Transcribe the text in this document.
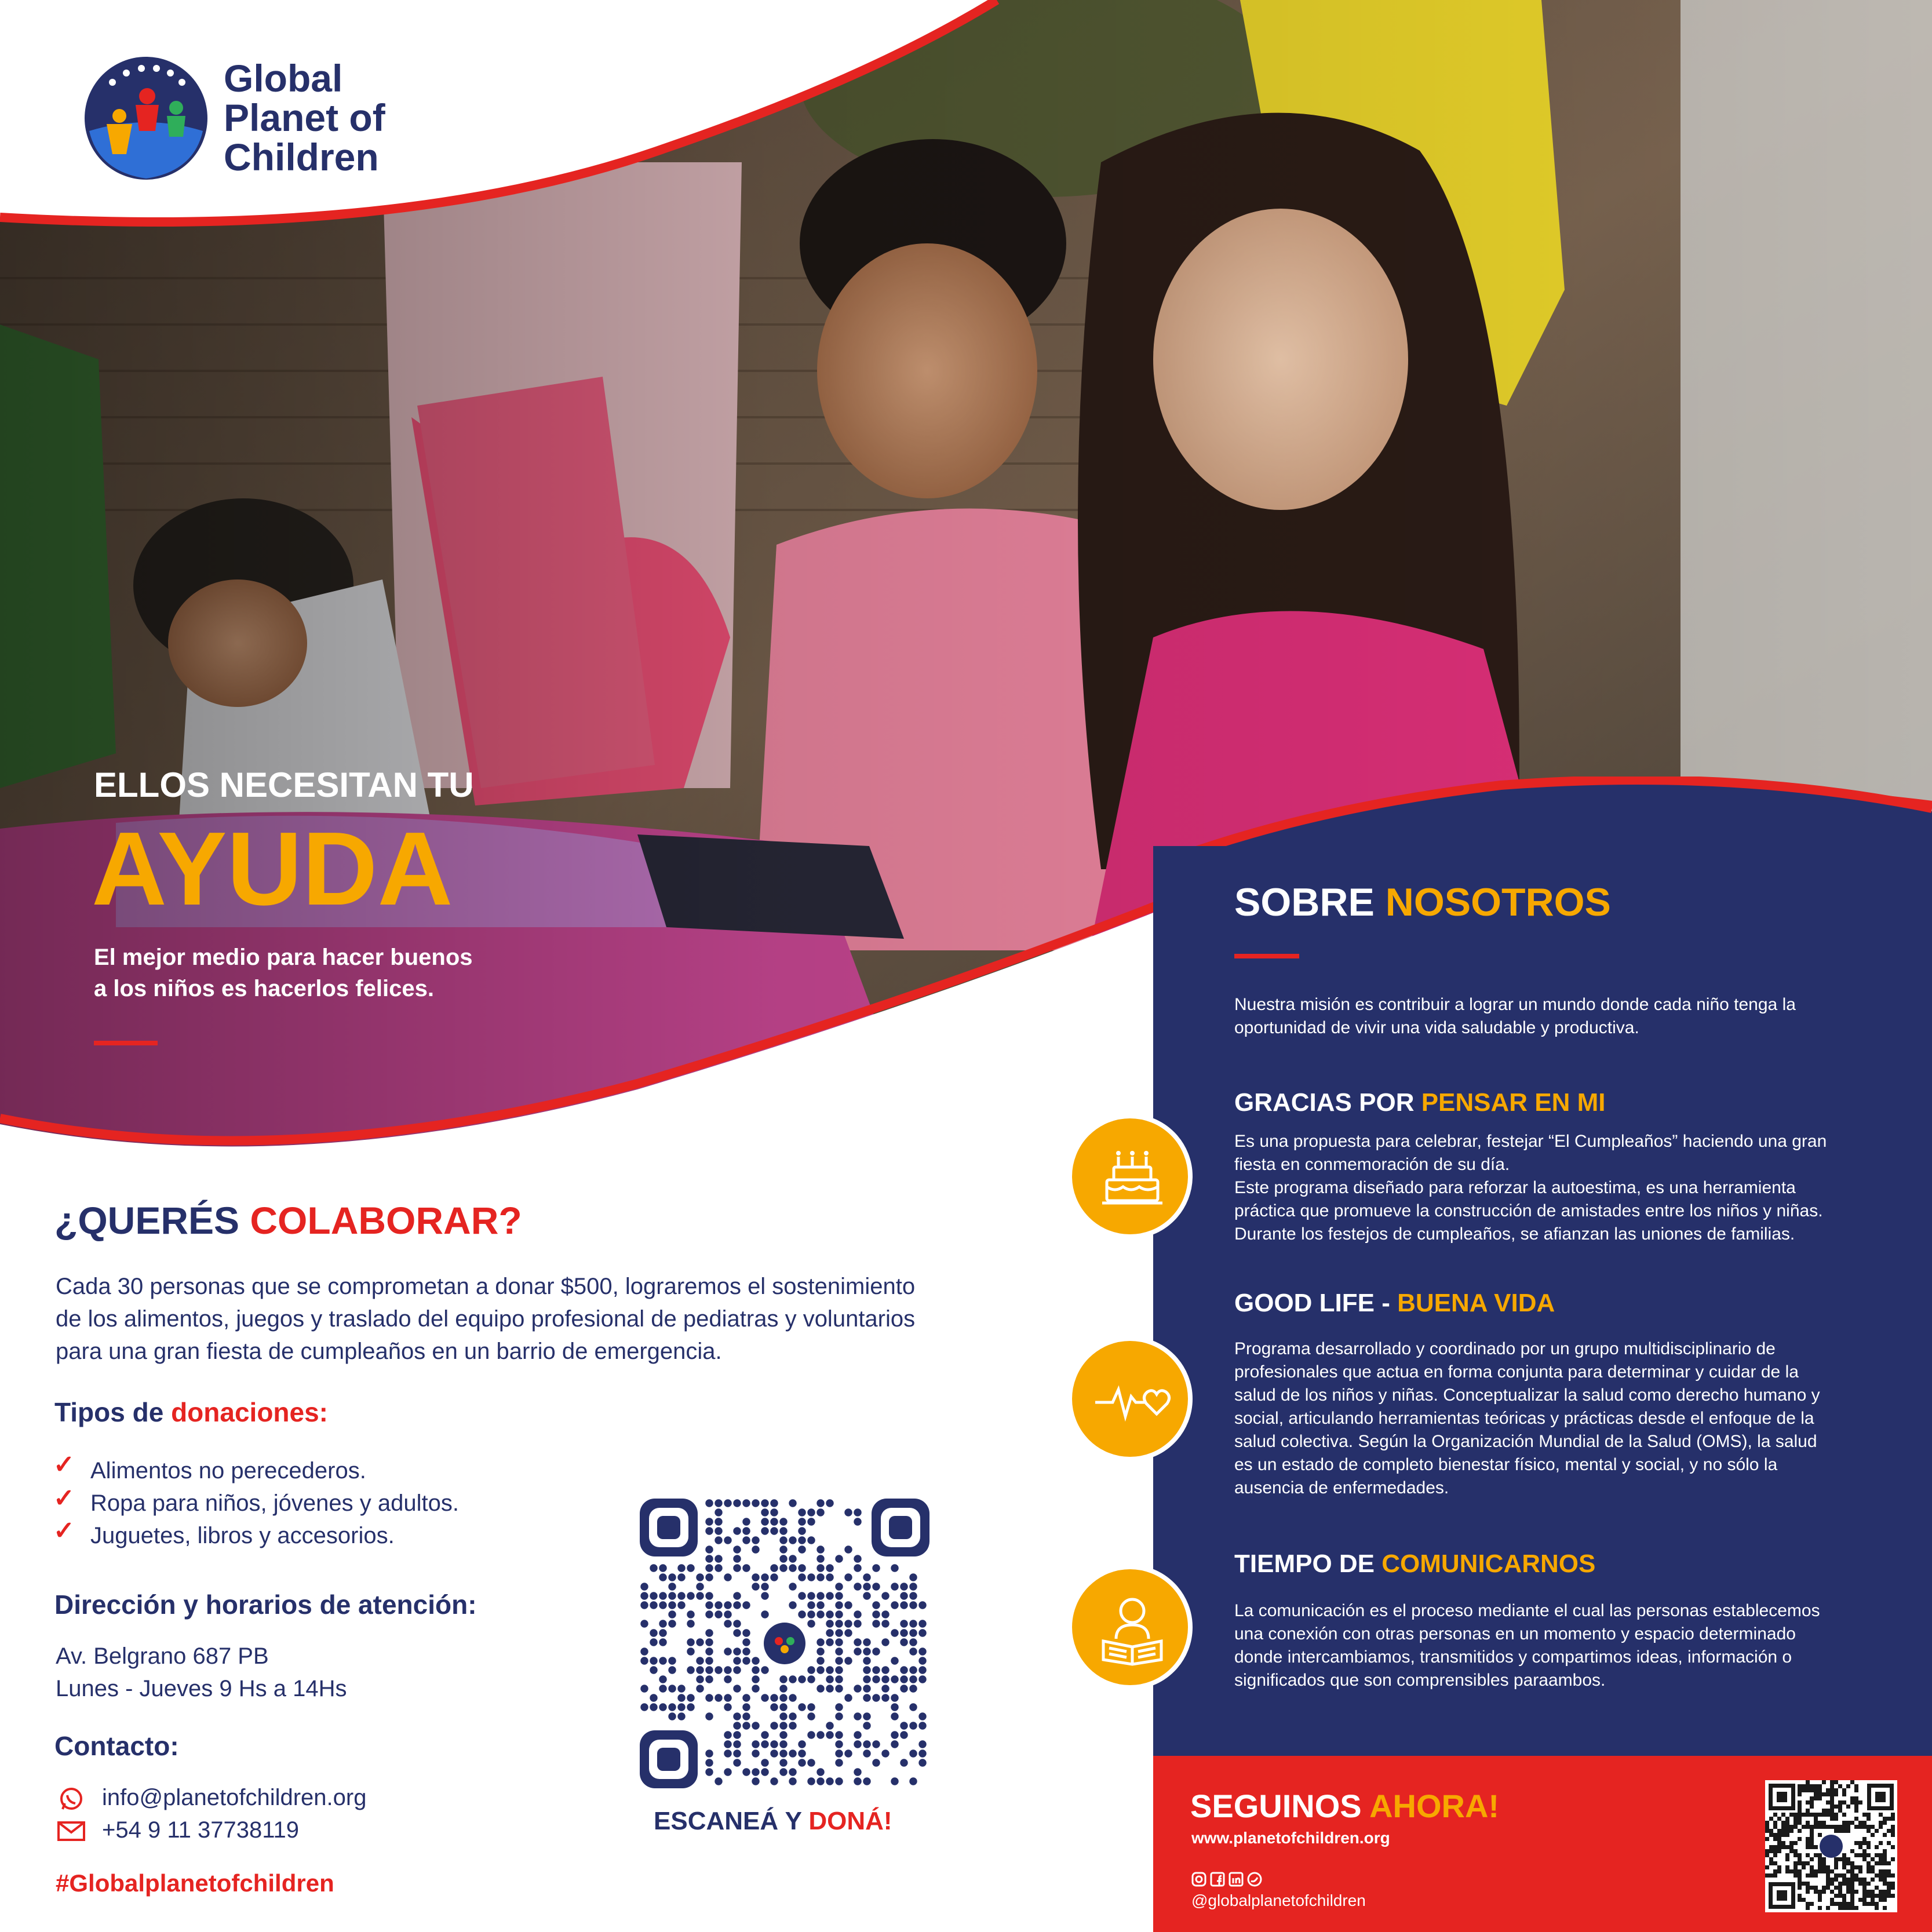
Global

Planet of

Children

ELLOS NECESITAN TU

AYUDA

El mejor medio para hacer buenos

a los niños es hacerlos felices.

¿QUERÉS COLABORAR?

Cada 30 personas que se comprometan a donar $500, lograremos el sostenimiento
de los alimentos, juegos y traslado del equipo profesional de pediatras y voluntarios
para una gran fiesta de cumpleaños en un barrio de emergencia.

Tipos de donaciones:

✓ Alimentos no perecederos.

✓ Ropa para niños, jóvenes y adultos.

✓ Juguetes, libros y accesorios.

Dirección y horarios de atención:

Av. Belgrano 687 PB

Lunes - Jueves 9 Hs a 14Hs

Contacto:

info@planetofchildren.org
+54 9 11 37738119

#Globalplanetofchildren

ESCANEÁ Y DONÁ!

SOBRE NOSOTROS

Nuestra misión es contribuir a lograr un mundo donde cada niño tenga la
oportunidad de vivir una vida saludable y productiva.

GRACIAS POR PENSAR EN MI

Es una propuesta para celebrar, festejar “El Cumpleaños” haciendo una gran
fiesta en conmemoración de su día.
Este programa diseñado para reforzar la autoestima, es una herramienta
práctica que promueve la construcción de amistades entre los niños y niñas.
Durante los festejos de cumpleaños, se afianzan las uniones de familias.

GOOD LIFE - BUENA VIDA

Programa desarrollado y coordinado por un grupo multidisciplinario de
profesionales que actua en forma conjunta para determinar y cuidar de la
salud de los niños y niñas. Conceptualizar la salud como derecho humano y
social, articulando herramientas teóricas y prácticas desde el enfoque de la
salud colectiva. Según la Organización Mundial de la Salud (OMS), la salud
es un estado de completo bienestar físico, mental y social, y no sólo la
ausencia de enfermedades.

TIEMPO DE COMUNICARNOS

La comunicación es el proceso mediante el cual las personas establecemos
una conexión con otras personas en un momento y espacio determinado
donde intercambiamos, transmitidos y compartimos ideas, información o
significados que son comprensibles paraambos.

SEGUINOS AHORA!

www.planetofchildren.org

@globalplanetofchildren
